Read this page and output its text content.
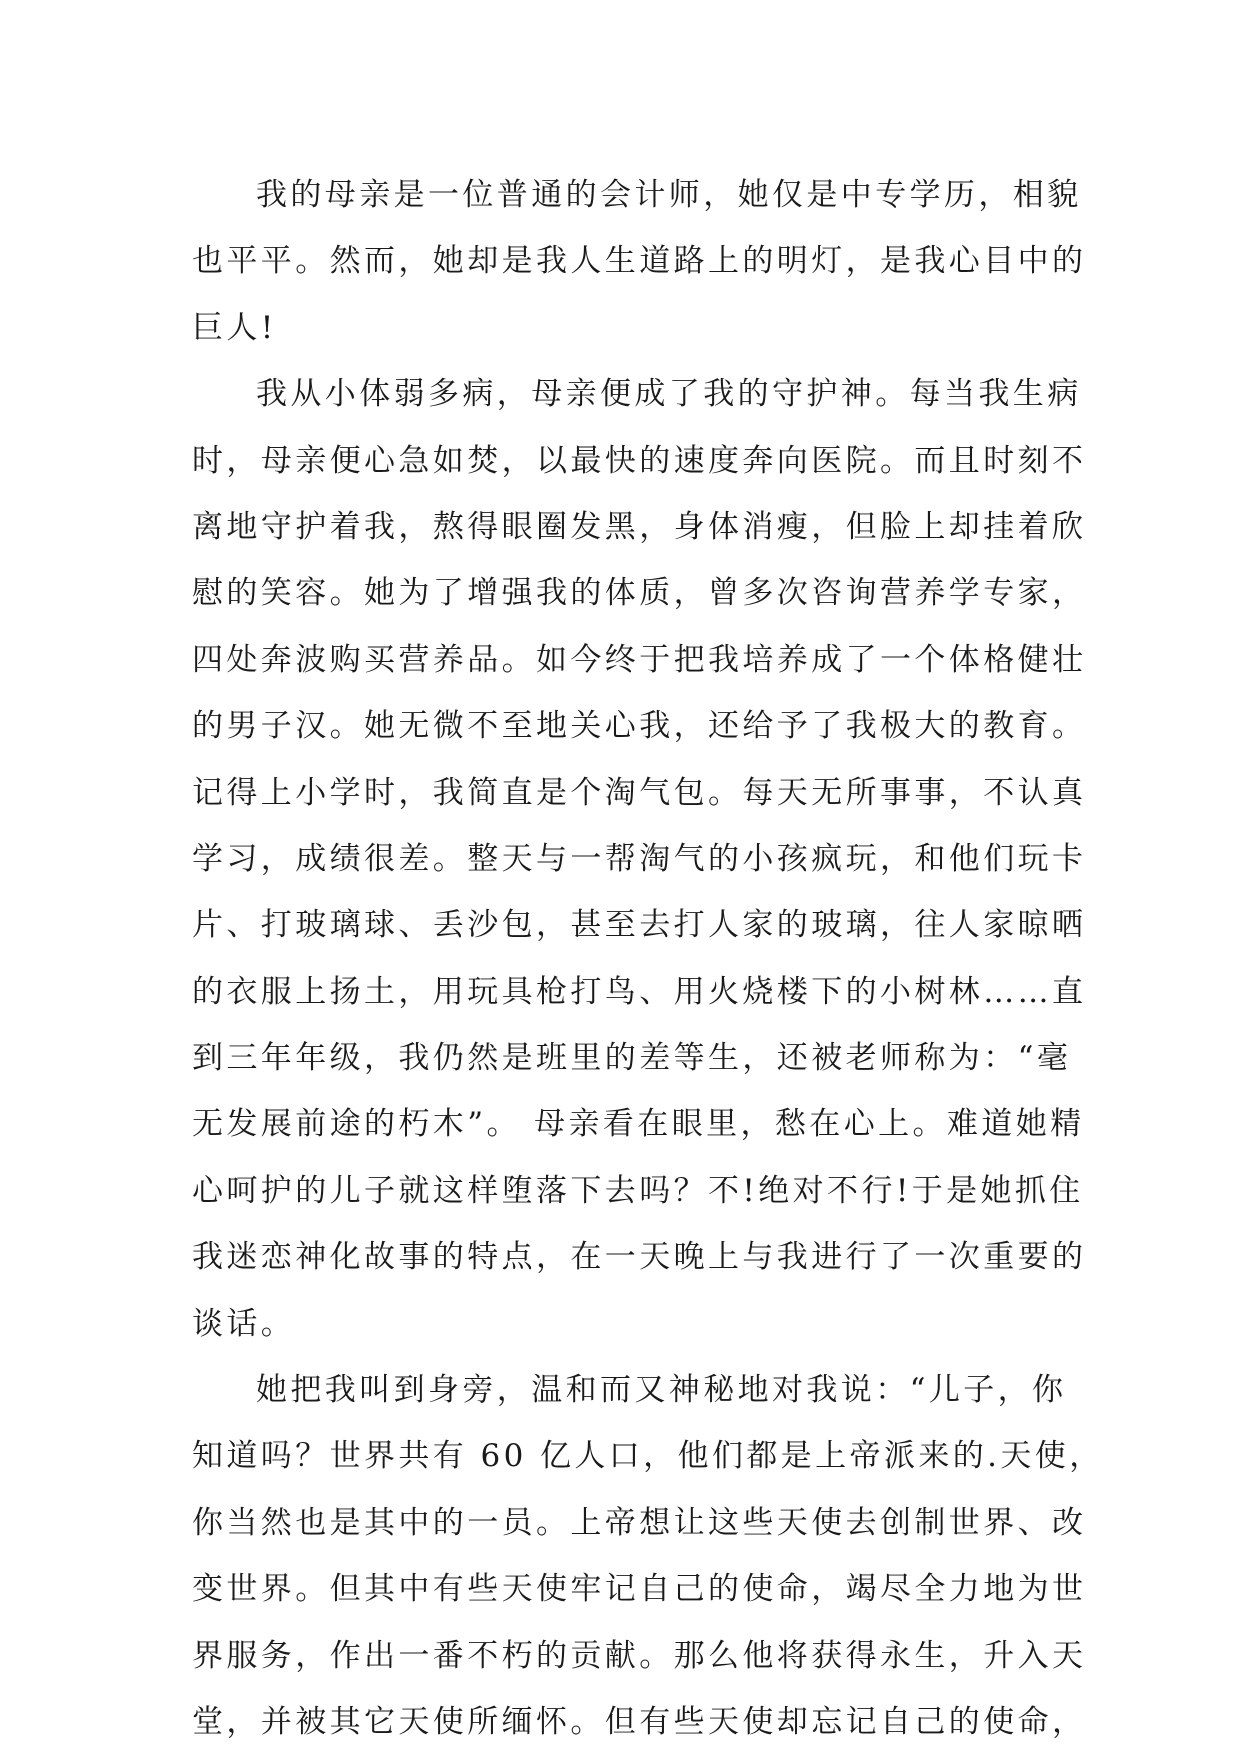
我的母亲是一位普通的会计师，她仅是中专学历，相貌
也平平。然而，她却是我人生道路上的明灯，是我心目中的
巨人!
我从小体弱多病，母亲便成了我的守护神。每当我生病
时，母亲便心急如焚，以最快的速度奔向医院。而且时刻不
离地守护着我，熬得眼圈发黑，身体消瘦，但脸上却挂着欣
慰的笑容。她为了增强我的体质，曾多次咨询营养学专家，
四处奔波购买营养品。如今终于把我培养成了一个体格健壮
的男子汉。她无微不至地关心我，还给予了我极大的教育。
记得上小学时，我简直是个淘气包。每天无所事事，不认真
学习，成绩很差。整天与一帮淘气的小孩疯玩，和他们玩卡
片、打玻璃球、丢沙包，甚至去打人家的玻璃，往人家晾晒
的衣服上扬土，用玩具枪打鸟、用火烧楼下的小树林……直
到三年年级，我仍然是班里的差等生，还被老师称为：“毫
无发展前途的朽木”。 母亲看在眼里，愁在心上。难道她精
心呵护的儿子就这样堕落下去吗？不!绝对不行!于是她抓住
我迷恋神化故事的特点，在一天晚上与我进行了一次重要的
谈话。
她把我叫到身旁，温和而又神秘地对我说：“儿子，你
知道吗？世界共有 60 亿人口，他们都是上帝派来的.天使，
你当然也是其中的一员。上帝想让这些天使去创制世界、改
变世界。但其中有些天使牢记自己的使命，竭尽全力地为世
界服务，作出一番不朽的贡献。那么他将获得永生，升入天
堂，并被其它天使所缅怀。但有些天使却忘记自己的使命，
